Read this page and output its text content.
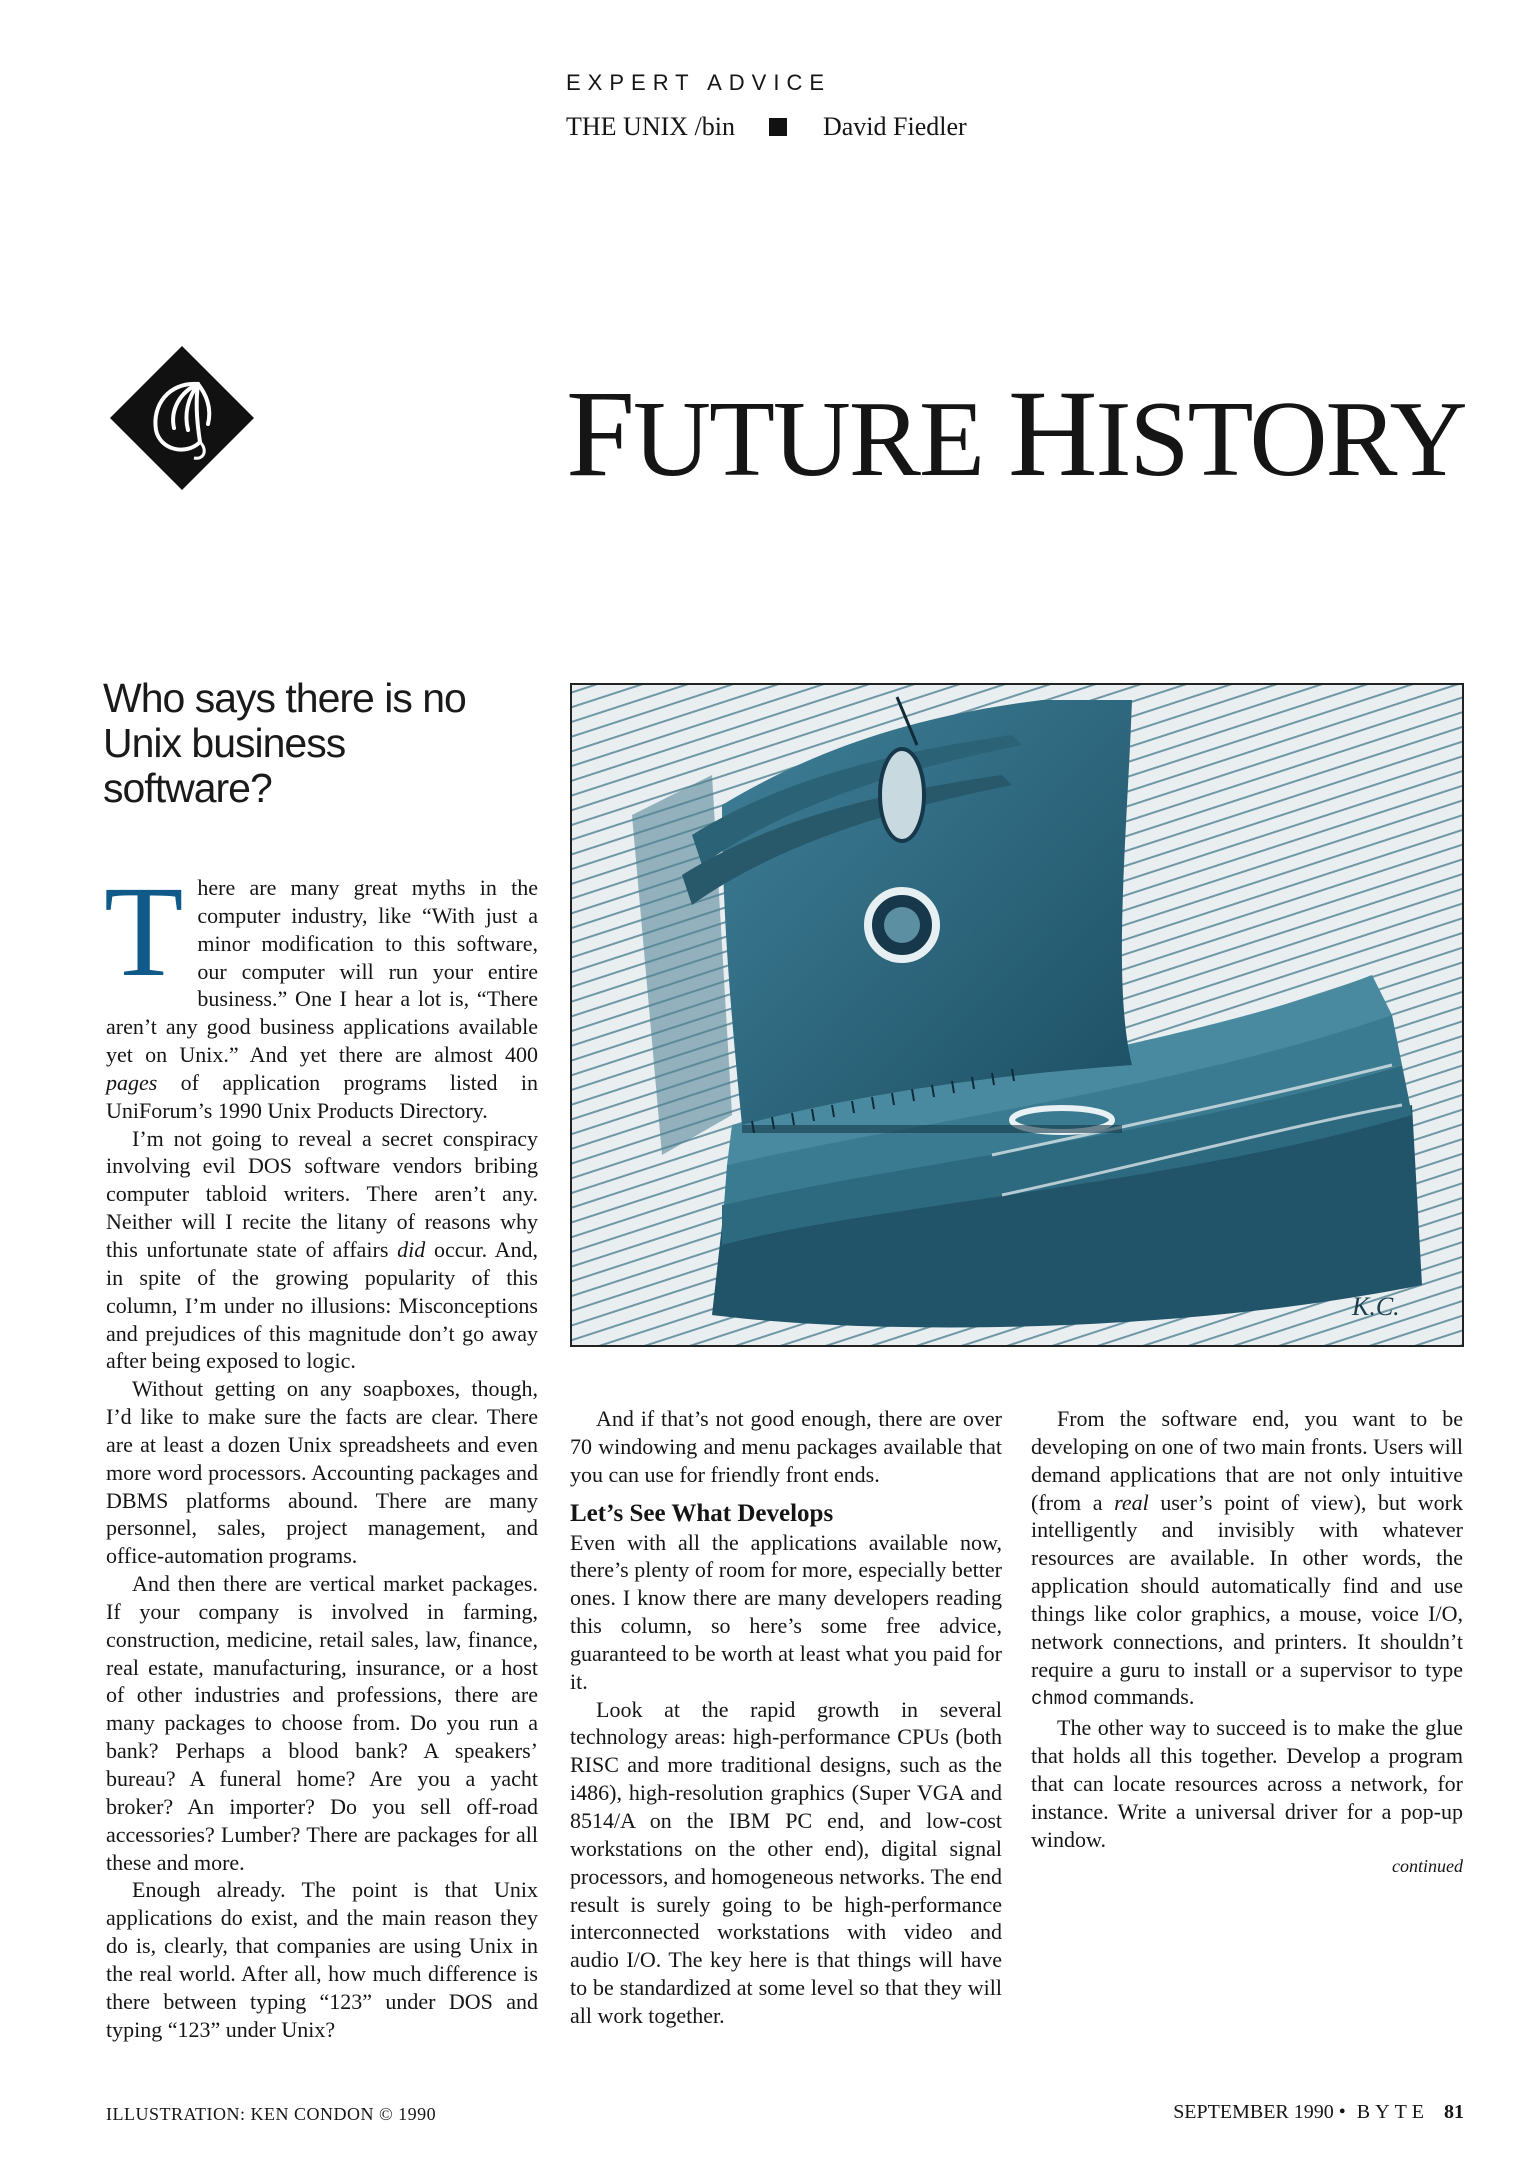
EXPERT ADVICE
THE UNIX /bin	David Fiedler
FUTURE HISTORY
Who says there is no Unix business software?
K.C.

There are many great myths in the computer industry, like “With just a minor modification to this software, our computer will run your entire business.” One I hear a lot is, “There aren’t any good business applications available yet on Unix.” And yet there are almost 400 pages of application programs listed in UniForum’s 1990 Unix Products Directory.

I’m not going to reveal a secret conspiracy involving evil DOS software vendors bribing computer tabloid writers. There aren’t any. Neither will I recite the litany of reasons why this unfortunate state of affairs did occur. And, in spite of the growing popularity of this column, I’m under no illusions: Misconceptions and prejudices of this magnitude don’t go away after being exposed to logic.

Without getting on any soapboxes, though, I’d like to make sure the facts are clear. There are at least a dozen Unix spreadsheets and even more word processors. Accounting packages and DBMS platforms abound. There are many personnel, sales, project management, and office-automation programs.

And then there are vertical market packages. If your company is involved in farming, construction, medicine, retail sales, law, finance, real estate, manufacturing, insurance, or a host of other industries and professions, there are many packages to choose from. Do you run a bank? Perhaps a blood bank? A speakers’ bureau? A funeral home? Are you a yacht broker? An importer? Do you sell off-road accessories? Lumber? There are packages for all these and more.

Enough already. The point is that Unix applications do exist, and the main reason they do is, clearly, that companies are using Unix in the real world. After all, how much difference is there between typing “123” under DOS and typing “123” under Unix?

And if that’s not good enough, there are over 70 windowing and menu packages available that you can use for friendly front ends.

Let’s See What Develops

Even with all the applications available now, there’s plenty of room for more, especially better ones. I know there are many developers reading this column, so here’s some free advice, guaranteed to be worth at least what you paid for it.

Look at the rapid growth in several technology areas: high-performance CPUs (both RISC and more traditional designs, such as the i486), high-resolution graphics (Super VGA and 8514/A on the IBM PC end, and low-cost workstations on the other end), digital signal processors, and homogeneous networks. The end result is surely going to be high-performance interconnected workstations with video and audio I/O. The key here is that things will have to be standardized at some level so that they will all work together.

From the software end, you want to be developing on one of two main fronts. Users will demand applications that are not only intuitive (from a real user’s point of view), but work intelligently and invisibly with whatever resources are available. In other words, the application should automatically find and use things like color graphics, a mouse, voice I/O, network connections, and printers. It shouldn’t require a guru to install or a supervisor to type chmod commands.

The other way to succeed is to make the glue that holds all this together. Develop a program that can locate resources across a network, for instance. Write a universal driver for a pop-up window.

continued
ILLUSTRATION: KEN CONDON © 1990	SEPTEMBER 1990 • BYTE 81
